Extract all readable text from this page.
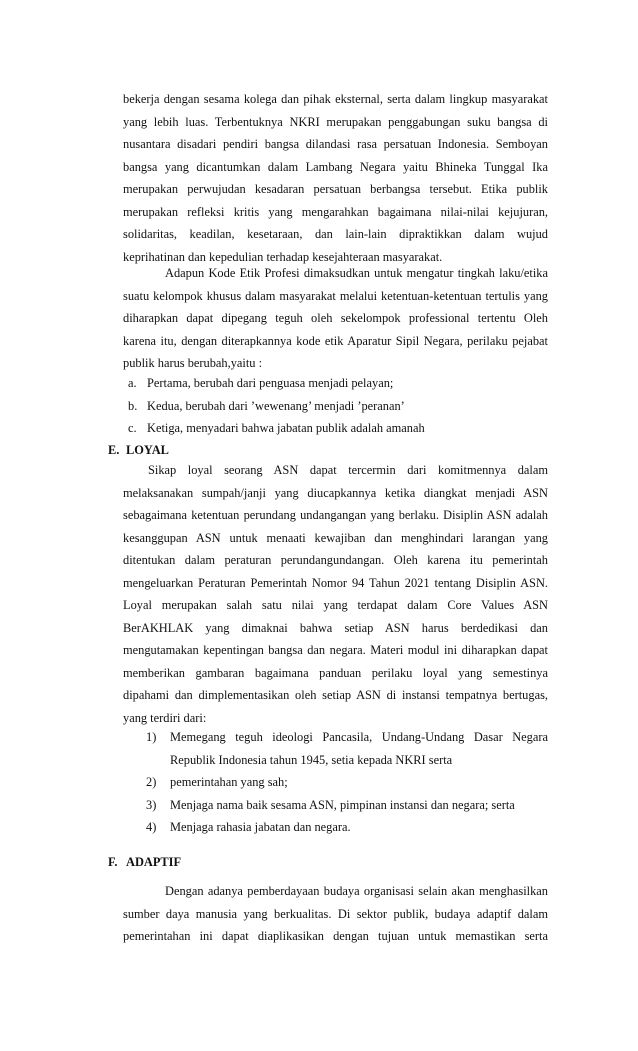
bekerja dengan sesama kolega dan pihak eksternal, serta dalam lingkup masyarakat
yang lebih luas. Terbentuknya NKRI merupakan penggabungan suku bangsa di
nusantara disadari pendiri bangsa dilandasi rasa persatuan Indonesia. Semboyan
bangsa yang dicantumkan dalam Lambang Negara yaitu Bhineka Tunggal Ika
merupakan perwujudan kesadaran persatuan berbangsa tersebut. Etika publik
merupakan refleksi kritis yang mengarahkan bagaimana nilai-nilai kejujuran,
solidaritas, keadilan, kesetaraan, dan lain-lain dipraktikkan dalam wujud
keprihatinan dan kepedulian terhadap kesejahteraan masyarakat.
Adapun Kode Etik Profesi dimaksudkan untuk mengatur tingkah laku/etika
suatu kelompok khusus dalam masyarakat melalui ketentuan-ketentuan tertulis yang
diharapkan dapat dipegang teguh oleh sekelompok professional tertentu Oleh
karena itu, dengan diterapkannya kode etik Aparatur Sipil Negara, perilaku pejabat
publik harus berubah,yaitu :
a. Pertama, berubah dari penguasa menjadi pelayan;
b. Kedua, berubah dari ’wewenang’ menjadi ’peranan’
c. Ketiga, menyadari bahwa jabatan publik adalah amanah
E. LOYAL
Sikap loyal seorang ASN dapat tercermin dari komitmennya dalam
melaksanakan sumpah/janji yang diucapkannya ketika diangkat menjadi ASN
sebagaimana ketentuan perundang undangangan yang berlaku. Disiplin ASN adalah
kesanggupan ASN untuk menaati kewajiban dan menghindari larangan yang
ditentukan dalam peraturan perundangundangan. Oleh karena itu pemerintah
mengeluarkan Peraturan Pemerintah Nomor 94 Tahun 2021 tentang Disiplin ASN.
Loyal merupakan salah satu nilai yang terdapat dalam Core Values ASN
BerAKHLAK yang dimaknai bahwa setiap ASN harus berdedikasi dan
mengutamakan kepentingan bangsa dan negara. Materi modul ini diharapkan dapat
memberikan gambaran bagaimana panduan perilaku loyal yang semestinya
dipahami dan dimplementasikan oleh setiap ASN di instansi tempatnya bertugas,
yang terdiri dari:
1) Memegang teguh ideologi Pancasila, Undang-Undang Dasar Negara
Republik Indonesia tahun 1945, setia kepada NKRI serta
2) pemerintahan yang sah;
3) Menjaga nama baik sesama ASN, pimpinan instansi dan negara; serta
4) Menjaga rahasia jabatan dan negara.
F. ADAPTIF
Dengan adanya pemberdayaan budaya organisasi selain akan menghasilkan
sumber daya manusia yang berkualitas. Di sektor publik, budaya adaptif dalam
pemerintahan ini dapat diaplikasikan dengan tujuan untuk memastikan serta
